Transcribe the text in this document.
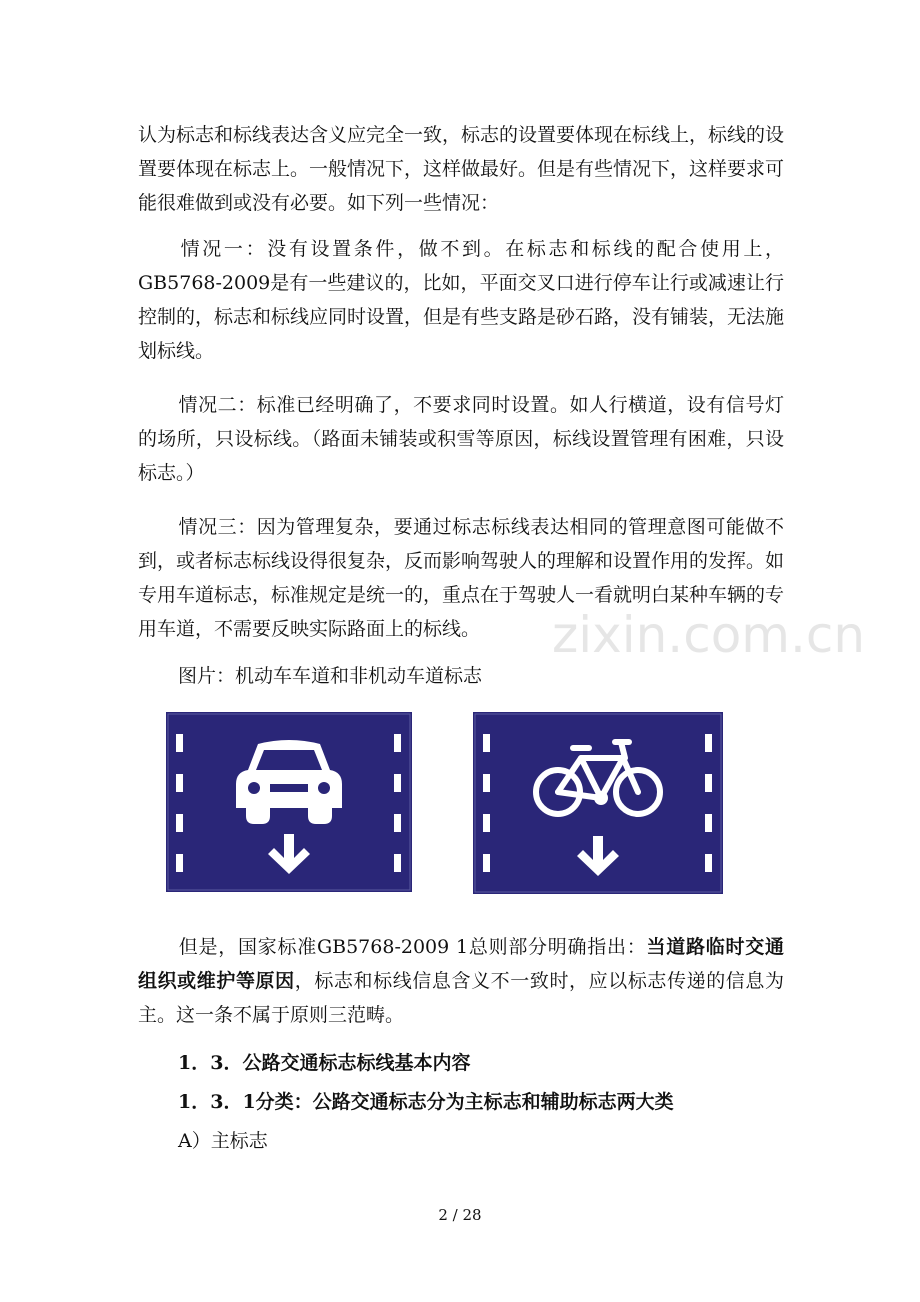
认为标志和标线表达含义应完全一致，标志的设置要体现在标线上，标线的设置要体现在标志上。一般情况下，这样做最好。但是有些情况下，这样要求可能很难做到或没有必要。如下列一些情况：

情况一：没有设置条件，做不到。在标志和标线的配合使用上，GB5768-2009是有一些建议的，比如，平面交叉口进行停车让行或减速让行控制的，标志和标线应同时设置，但是有些支路是砂石路，没有铺装，无法施划标线。

情况二：标准已经明确了，不要求同时设置。如人行横道，设有信号灯的场所，只设标线。（路面未铺装或积雪等原因，标线设置管理有困难，只设标志。）

情况三：因为管理复杂，要通过标志标线表达相同的管理意图可能做不到，或者标志标线设得很复杂，反而影响驾驶人的理解和设置作用的发挥。如专用车道标志，标准规定是统一的，重点在于驾驶人一看就明白某种车辆的专用车道，不需要反映实际路面上的标线。	zixin.com.cn

图片：机动车车道和非机动车道标志

但是，国家标准GB5768-2009 1总则部分明确指出：当道路临时交通组织或维护等原因，标志和标线信息含义不一致时，应以标志传递的信息为主。这一条不属于原则三范畴。

1．3．公路交通标志标线基本内容

1．3．1分类：公路交通标志分为主标志和辅助标志两大类

A）主标志

2 / 28
